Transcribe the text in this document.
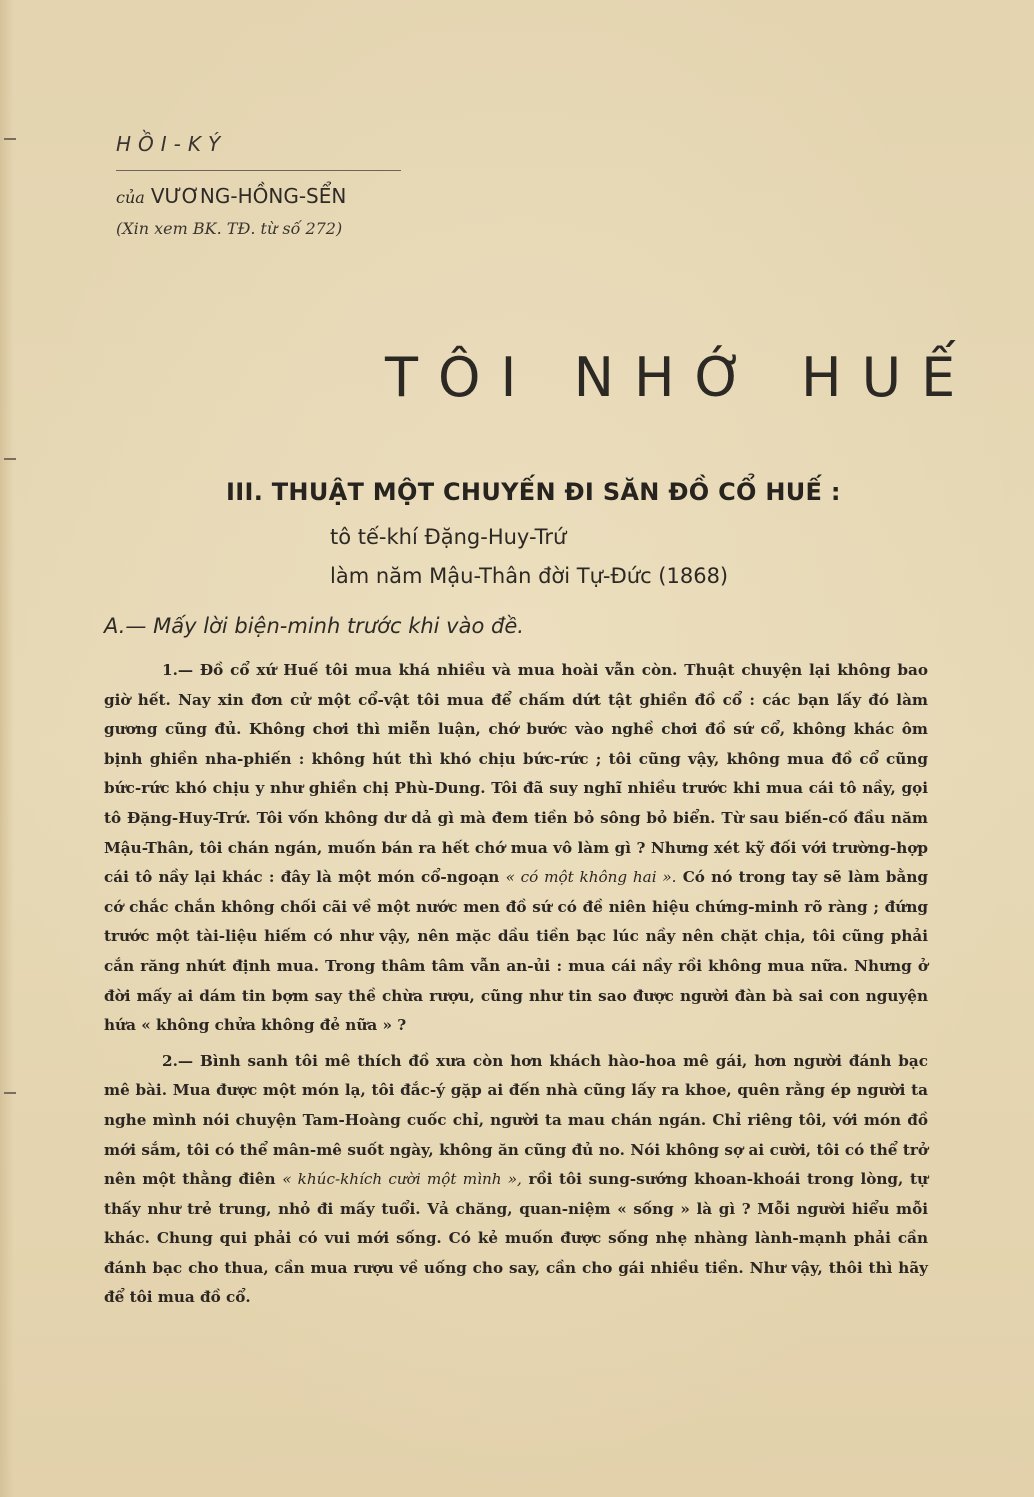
HỒI-KÝ
của VƯƠNG-HỒNG-SỂN
(Xin xem BK. TĐ. từ số 272)
TÔI NHỚ HUẾ
III. THUẬT MỘT CHUYẾN ĐI SĂN ĐỒ CỔ HUẾ :
tô tế-khí Đặng-Huy-Trứ
làm năm Mậu-Thân đời Tự-Đức (1868)
A.— Mấy lời biện-minh trước khi vào đề.

1.— Đồ cổ xứ Huế tôi mua khá nhiều và mua hoài vẫn còn. Thuật chuyện lại không bao giờ hết. Nay xin đơn cử một cổ-vật tôi mua để chấm dứt tật ghiền đồ cổ : các bạn lấy đó làm gương cũng đủ. Không chơi thì miễn luận, chớ bước vào nghề chơi đồ sứ cổ, không khác ôm bịnh ghiền nha-phiến : không hút thì khó chịu bức-rức ; tôi cũng vậy, không mua đồ cổ cũng bức-rức khó chịu y như ghiền chị Phù-Dung. Tôi đã suy nghĩ nhiều trước khi mua cái tô nầy, gọi tô Đặng-Huy-Trứ. Tôi vốn không dư dả gì mà đem tiền bỏ sông bỏ biển. Từ sau biến-cố đầu năm Mậu-Thân, tôi chán ngán, muốn bán ra hết chớ mua vô làm gì ? Nhưng xét kỹ đối với trường-hợp cái tô nầy lại khác : đây là một món cổ-ngoạn « có một không hai ». Có nó trong tay sẽ làm bằng cớ chắc chắn không chối cãi về một nước men đồ sứ có đề niên hiệu chứng-minh rõ ràng ; đứng trước một tài-liệu hiếm có như vậy, nên mặc dầu tiền bạc lúc nầy nên chặt chịa, tôi cũng phải cắn răng nhứt định mua. Trong thâm tâm vẫn an-ủi : mua cái nầy rồi không mua nữa. Nhưng ở đời mấy ai dám tin bợm say thề chừa rượu, cũng như tin sao được người đàn bà sai con nguyện hứa « không chửa không đẻ nữa » ?

2.— Bình sanh tôi mê thích đồ xưa còn hơn khách hào-hoa mê gái, hơn người đánh bạc mê bài. Mua được một món lạ, tôi đắc-ý gặp ai đến nhà cũng lấy ra khoe, quên rằng ép người ta nghe mình nói chuyện Tam-Hoàng cuốc chỉ, người ta mau chán ngán. Chỉ riêng tôi, với món đồ mới sắm, tôi có thể mân-mê suốt ngày, không ăn cũng đủ no. Nói không sợ ai cười, tôi có thể trở nên một thằng điên « khúc-khích cười một mình », rồi tôi sung-sướng khoan-khoái trong lòng, tự thấy như trẻ trung, nhỏ đi mấy tuổi. Vả chăng, quan-niệm « sống » là gì ? Mỗi người hiểu mỗi khác. Chung qui phải có vui mới sống. Có kẻ muốn được sống nhẹ nhàng lành-mạnh phải cần đánh bạc cho thua, cần mua rượu về uống cho say, cần cho gái nhiều tiền. Như vậy, thôi thì hãy để tôi mua đồ cổ.
